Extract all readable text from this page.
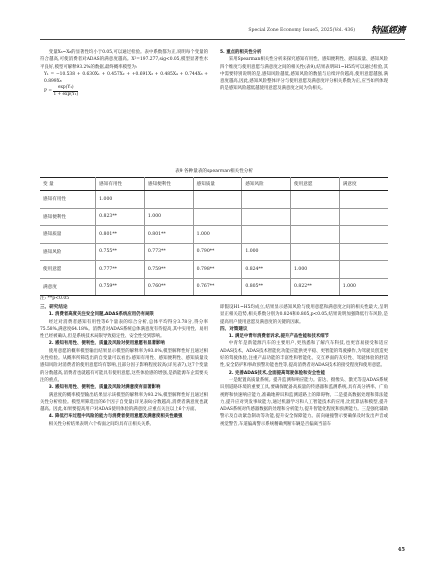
Special Zone Economy Issue5, 2025(Vol. 436) 特區經濟

变量X₆~X₈的显著性均小于0.05,可以通过检验。表中系数都为正,说明每个变量的符合越高,可使消费者对ADAS的满意度越高。X²=197.277,sig<0.05,模型显著性水平良好,模型可解释93.2%的数据,最终概率模型为:

Y₁ = −10.538 + 0.630X₁ + 0.457X₂ + +0.691X₃ + 0.485X₄ + 0.744X₆ + 0.899X₈

$P = \frac{\text{exp(Y₁)}}{\text{1 + exp(Y₁)}}$

5. 重点的相关性分析

采用Spearman相关性分析来探究感知有用性、感知便利性、感知质量、感知风险四个维度与使用意愿与满意度之间的相关性(表9),结果表明H1~H5均可以通过检验,其中需要特别说明的是,感知风险越低,感知风险的数值与后续评价越高,使用意愿越强,满意度越高,因此,感知风险整体评分与使用意愿及满意度评分相关系数为正,应当如所体现的是感知风险越低越使用意愿及满意度之间为负相关。

表9 各种量表的spearman相关性分析
变 量	感知有用性	感知便利性	感知质量	感知风险	使用意愿	满意度
感知有用性	1.000					
感知便利性	0.823**	1.000				
感知质量	0.801**	0.801**	1.000			
感知风险	0.755**	0.773**	0.790**	1.000		
使用意愿	0.777**	0.759**	0.798**	0.824**	1.000	
满意度	0.759**	0.760**	0.767**	0.805**	0.822**	1.000
注: **p<0.05

三、研究结论

1. 消费者高度关注安全问题,ADAS系统应用仍有局限

经过对消费者感知有用性等6个量表的综合分析,总体平均得分3.78分,得分率75.58%,满意度64.18%。消费者对ADAS系统总体满意度有待提高,其中实用性、易用性已经被确认,但是系统技术局限导致稳定性、安全性受到影响。

2. 感知有用性、便利性、质量及风险对使用意愿有显著影响

使用意愿的概率模型输出结果显示模型的解释率为93.0%,模型解释性好且通过相关性检验。从概率所筛选出的自变量可以看出:感知有用性、感知便利性、感知质量及感知风险对消费者的使用意愿均有影响,且部分因子影响程度较高(详见表7),这7个变量的分数越高,消费者也就越有可能具有使用意愿,这些体验感的增强,是新能源车企需要关注的重点。

3. 感知有用性、便利性、质量及风险对满意度有显著影响

满意度的概率模型输出结果显示该模型的解释率为93.2%,模型解释性好且通过相关性分析检验。模型所筛选出的6个因子自变量(详见表8)分数越高,消费者满意度也就越高。因此,如果要提高用户对ADAS使用体验的满意度,应重点关注以上6个方面。

4. 降低行车过程中风险的能力与消费者使用意愿及满意度相关性最强

相关性分析结果表明六个构面之间均具有正相关关系,

即假设H1~H5均成立,结果显示感知风险与使用意愿和满意度之间的相关性最大,呈明显正相关趋势,相关系数分别为0.824和0.805,p<0.05,结果说明加强降低行车风险,是提高用户使用意愿及满意度的关键的因素。

四、对策建议

1. 满足中青年消费者诉求,提升产品性能和技术细节

中青年是新能源汽车的主要用户,更熟悉和了解汽车科技,也更容易接受和适应ADAS技术。ADAS技术智能化功能应能供更平稳、更智能的驾驶操作,为驾驶员创造更好的驾驶体验,注重产品功能的丰富性和智能化、交互界面的友好性、驾驶体验的舒适性,安全防护和事故预警功能也性等,提高消费者对ADAS技术的接受程度和使用意愿。

2. 完善ADAS技术,全面提高驾驶体验和安全性能

一是配置高质量系统。提升监测和响应能力。雷达、摄像头、激光等是ADAS系统识别道路环境的重要工具,要确保配备高质量的传感器和监测系统,具有高分辨率、广角视野和快速响应能力,准确地辨识和监测道路上的障碍物。二是提高数据处理和算法能力,提升应对突发事故能力,通过机器学习和人工智能技术的应用,比优算法和模型,提升ADAS系统对传感器数据的处理和分析能力,提升智能化程度和预测能力。三是强化辅助警示及自动紧急制动等功能,提升安全保障能力。前向碰撞警示要确保及时发出声音或视觉警告,车道偏离警示系统精确判断车辆是否偏离当前车

45
